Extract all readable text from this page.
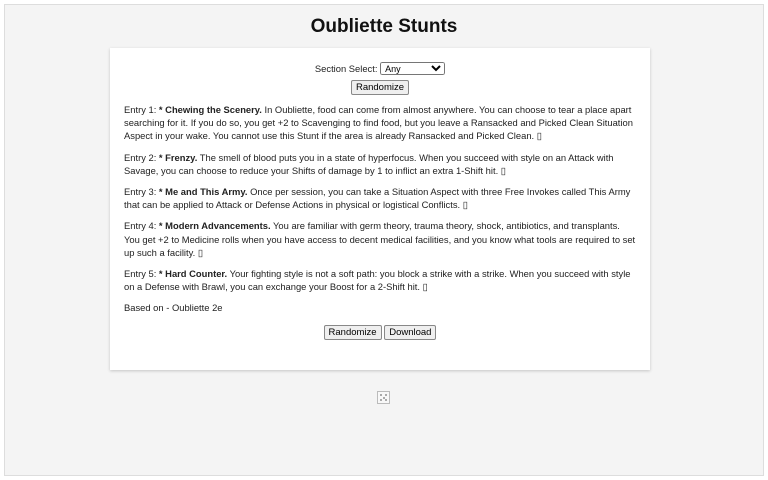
Oubliette Stunts
Section Select:
Any
Randomize

Entry 1: * Chewing the Scenery. In Oubliette, food can come from almost anywhere. You can choose to tear a place apart searching for it. If you do so, you get +2 to Scavenging to find food, but you leave a Ransacked and Picked Clean Situation Aspect in your wake. You cannot use this Stunt if the area is already Ransacked and Picked Clean. ▯

Entry 2: * Frenzy. The smell of blood puts you in a state of hyperfocus. When you succeed with style on an Attack with Savage, you can choose to reduce your Shifts of damage by 1 to inflict an extra 1-Shift hit. ▯

Entry 3: * Me and This Army. Once per session, you can take a Situation Aspect with three Free Invokes called This Army that can be applied to Attack or Defense Actions in physical or logistical Conflicts. ▯

Entry 4: * Modern Advancements. You are familiar with germ theory, trauma theory, shock, antibiotics, and transplants. You get +2 to Medicine rolls when you have access to decent medical facilities, and you know what tools are required to set up such a facility. ▯

Entry 5: * Hard Counter. Your fighting style is not a soft path: you block a strike with a strike. When you succeed with style on a Defense with Brawl, you can exchange your Boost for a 2-Shift hit. ▯

Based on - Oubliette 2e

Randomize Download
